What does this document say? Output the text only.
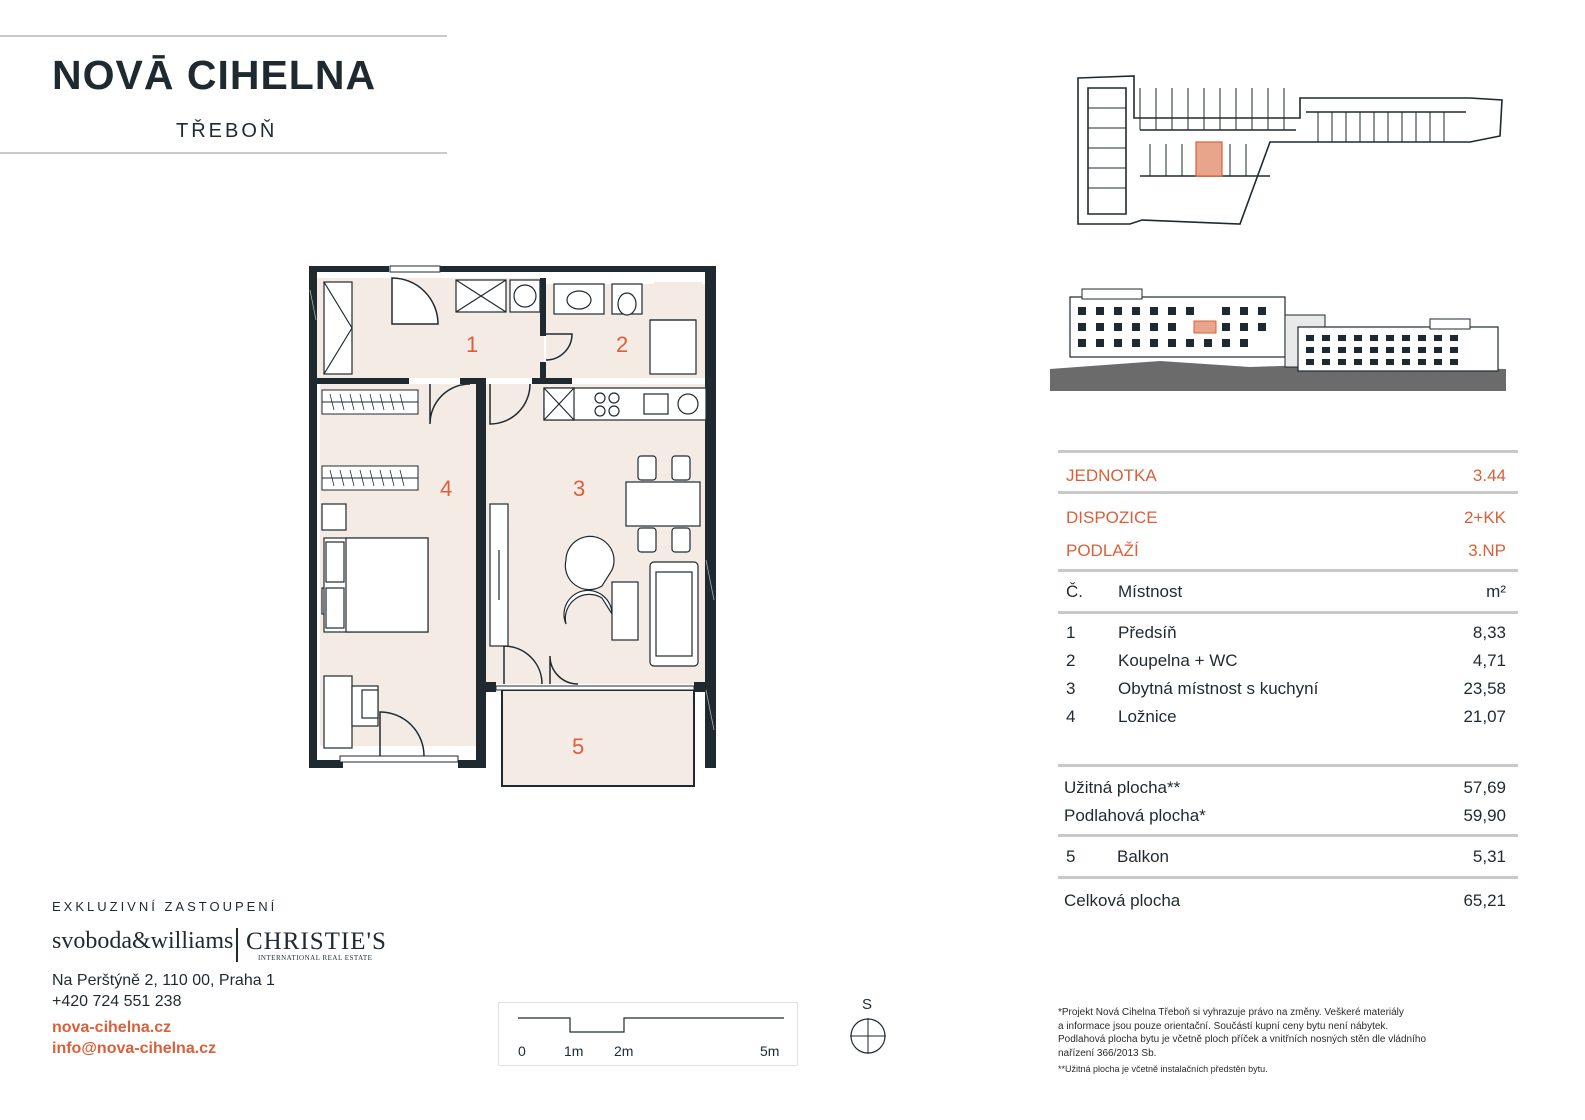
NOVĀ CIHELNA
TŘEBOŇ
1	2
3
4
5
JEDNOTKA	3.44
DISPOZICE	2+KK
PODLAŽÍ	3.NP
Č. Místnost	m²
1	Předsíň	8,33
2	Koupelna + WC	4,71
3	Obytná místnost s kuchyní	23,58
4	Ložnice	21,07
Užitná plocha**	57,69
Podlahová plocha*	59,90
5 Balkon	5,31
Celková plocha	65,21
EXKLUZIVNÍ ZASTOUPENÍ
svoboda&williams CHRISTIE'S
INTERNATIONAL REAL ESTATE
Na Perštýně 2, 110 00, Praha 1
+420 724 551 238
nova-cihelna.cz
info@nova-cihelna.cz	0	1m 2m	5m
S	*Projekt Nová Cihelna Třeboň si vyhrazuje právo na změny. Veškeré materiály
a informace jsou pouze orientační. Součástí kupní ceny bytu není nábytek.
Podlahová plocha bytu je včetně ploch příček a vnitřních nosných stěn dle vládního
nařízení 366/2013 Sb.
**Užitná plocha je včetně instalačních předstěn bytu.
